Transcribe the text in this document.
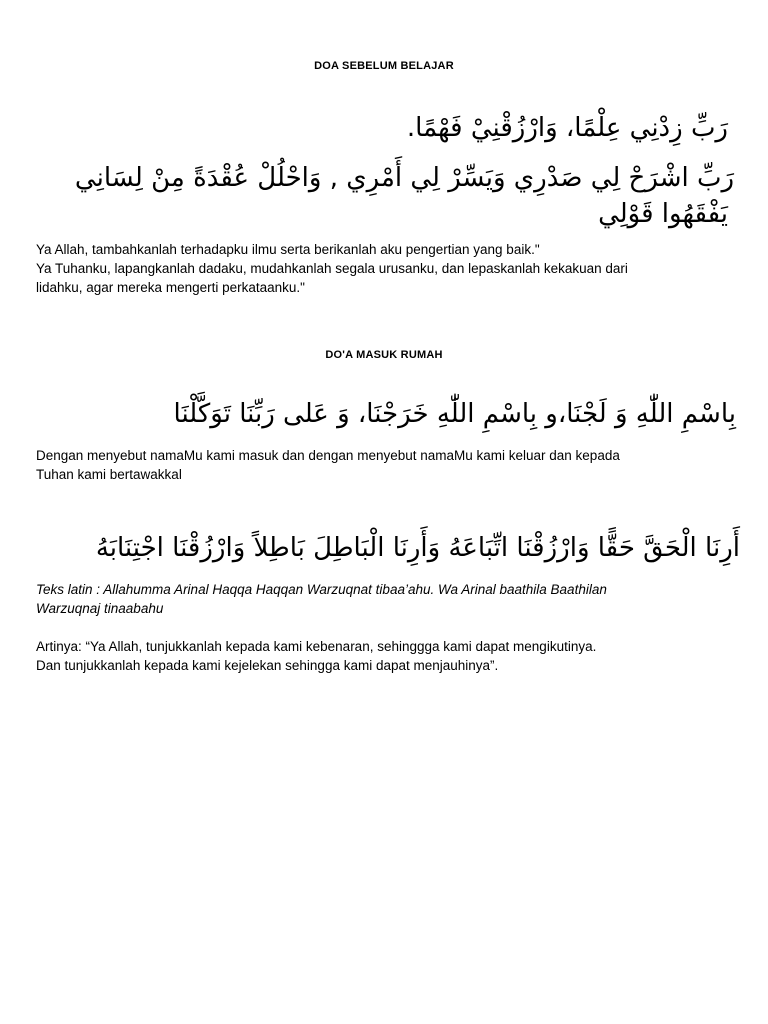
DOA SEBELUM BELAJAR
رَبِّ زِدْنِي عِلْمًا، وَارْزُقْنِيْ فَهْمًا.
رَبِّ اشْرَحْ لِي صَدْرِي وَيَسِّرْ لِي أَمْرِي , وَاحْلُلْ عُقْدَةً مِنْ لِسَانِي
يَفْقَهُوا قَوْلِي

Ya Allah, tambahkanlah terhadapku ilmu serta berikanlah aku pengertian yang baik."

Ya Tuhanku, lapangkanlah dadaku, mudahkanlah segala urusanku, dan lepaskanlah kekakuan dari

lidahku, agar mereka mengerti perkataanku."

DO'A MASUK RUMAH
بِاسْمِ اللّٰهِ وَ لَجْنَا،و بِاسْمِ اللّٰهِ خَرَجْنَا، وَ عَلى رَبِّنَا تَوَكَّلْنَا

Dengan menyebut namaMu kami masuk dan dengan menyebut namaMu kami keluar dan kepada

Tuhan kami bertawakkal

أَرِنَا الْحَقَّ حَقًّا وَارْزُقْنَا اتِّبَاعَهُ وَأَرِنَا الْبَاطِلَ بَاطِلاً وَارْزُقْنَا اجْتِنَابَهُ

Teks latin : Allahumma Arinal Haqqa Haqqan Warzuqnat tibaa’ahu. Wa Arinal baathila Baathilan

Warzuqnaj tinaabahu

Artinya: “Ya Allah, tunjukkanlah kepada kami kebenaran, sehinggga kami dapat mengikutinya.

Dan tunjukkanlah kepada kami kejelekan sehingga kami dapat menjauhinya”.
